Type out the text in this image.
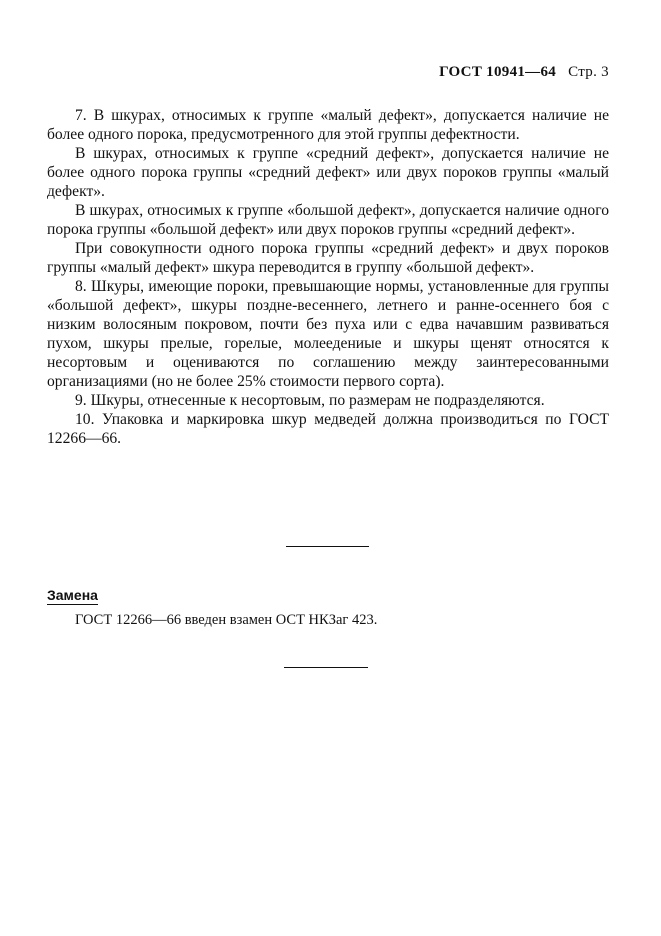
ГОСТ 10941—64 Стр. 3

7. В шкурах, относимых к группе «малый дефект», допускается наличие не более одного порока, предусмотренного для этой группы дефектности.

В шкурах, относимых к группе «средний дефект», допускается наличие не более одного порока группы «средний дефект» или двух пороков группы «малый дефект».

В шкурах, относимых к группе «большой дефект», допускается наличие одного порока группы «большой дефект» или двух пороков группы «средний дефект».

При совокупности одного порока группы «средний дефект» и двух пороков группы «малый дефект» шкура переводится в группу «большой дефект».

8. Шкуры, имеющие пороки, превышающие нормы, установленные для группы «большой дефект», шкуры поздне-весеннего, летнего и ранне-осеннего боя с низким волосяным покровом, почти без пуха или с едва начавшим развиваться пухом, шкуры прелые, горелые, молеедениые и шкуры щенят относятся к несортовым и оцениваются по соглашению между заинтересованными организациями (но не более 25% стоимости первого сорта).

9. Шкуры, отнесенные к несортовым, по размерам не подразделяются.

10. Упаковка и маркировка шкур медведей должна производиться по ГОСТ 12266—66.

Замена
ГОСТ 12266—66 введен взамен ОСТ НКЗаг 423.
